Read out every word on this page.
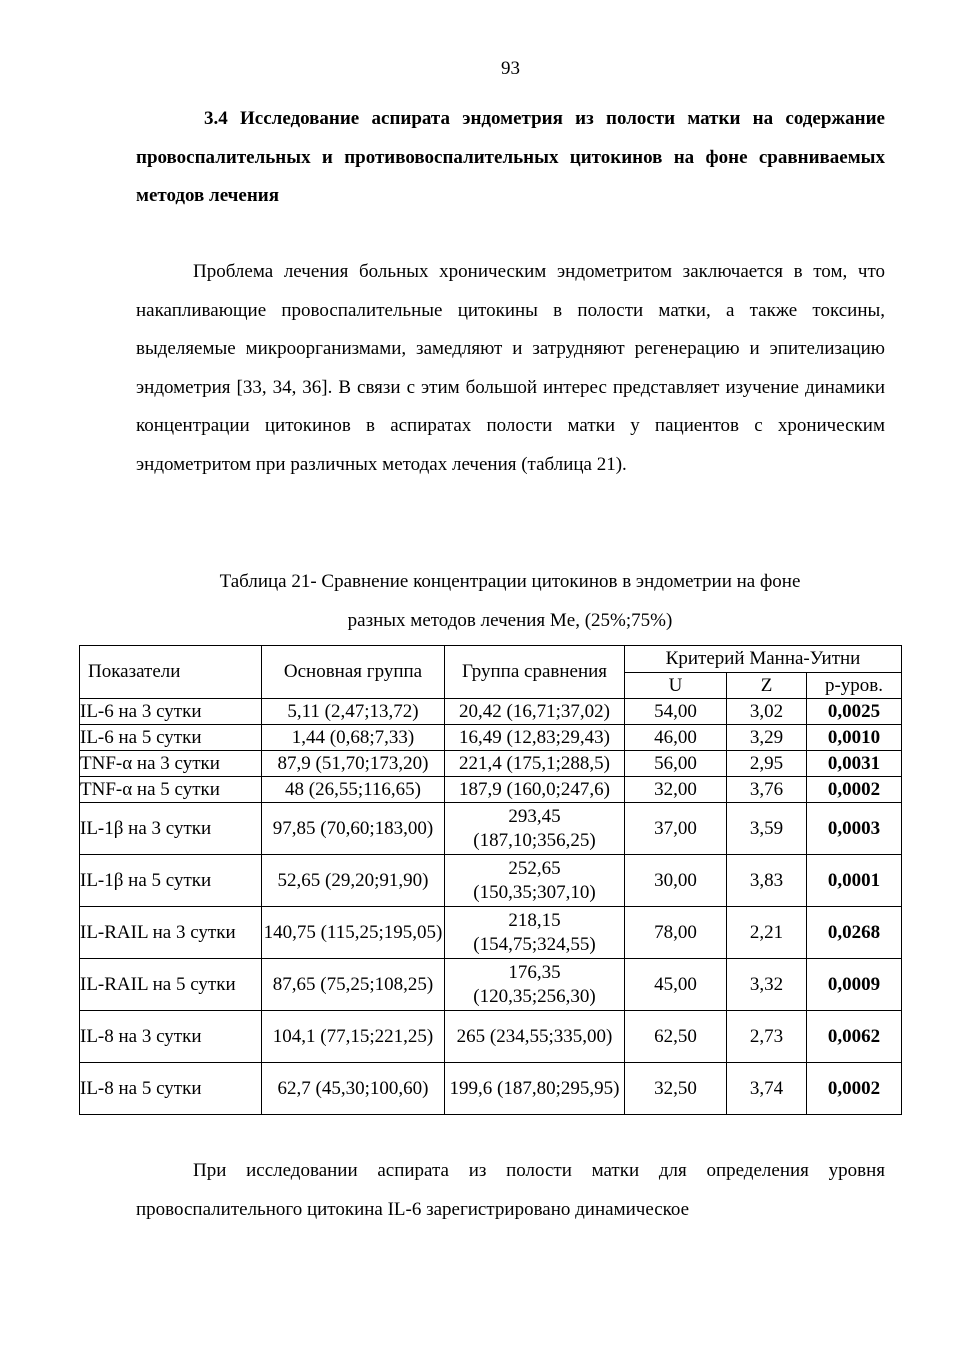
93

3.4 Исследование аспирата эндометрия из полости матки на содержание провоспалительных и противовоспалительных цитокинов на фоне сравниваемых методов лечения

Проблема лечения больных хроническим эндометритом заключается в том, что накапливающие провоспалительные цитокины в полости матки, а также токсины, выделяемые микроорганизмами, замедляют и затрудняют регенерацию и эпителизацию эндометрия [33, 34, 36]. В связи с этим большой интерес представляет изучение динамики концентрации цитокинов в аспиратах полости матки у пациентов с хроническим эндометритом при различных методах лечения (таблица 21).

Таблица 21- Сравнение концентрации цитокинов в эндометрии на фоне
разных методов лечения Me, (25%;75%)

Показатели	Основная группа	Группа сравнения	Критерий Манна-Уитни		
			U	Z	p-уров.
IL-6 на 3 сутки	5,11 (2,47;13,72)	20,42 (16,71;37,02)	54,00	3,02	0,0025
IL-6 на 5 сутки	1,44 (0,68;7,33)	16,49 (12,83;29,43)	46,00	3,29	0,0010
TNF-α на 3 сутки	87,9 (51,70;173,20)	221,4 (175,1;288,5)	56,00	2,95	0,0031
TNF-α на 5 сутки	48 (26,55;116,65)	187,9 (160,0;247,6)	32,00	3,76	0,0002
IL-1β на 3 сутки	97,85 (70,60;183,00)	293,45 (187,10;356,25)	37,00	3,59	0,0003
IL-1β на 5 сутки	52,65 (29,20;91,90)	252,65 (150,35;307,10)	30,00	3,83	0,0001
IL-RAIL на 3 сутки	140,75 (115,25;195,05)	218,15 (154,75;324,55)	78,00	2,21	0,0268
IL-RAIL на 5 сутки	87,65 (75,25;108,25)	176,35 (120,35;256,30)	45,00	3,32	0,0009
IL-8 на 3 сутки	104,1 (77,15;221,25)	265 (234,55;335,00)	62,50	2,73	0,0062
IL-8 на 5 сутки	62,7 (45,30;100,60)	199,6 (187,80;295,95)	32,50	3,74	0,0002

При исследовании аспирата из полости матки для определения уровня провоспалительного цитокина IL-6 зарегистрировано динамическое
